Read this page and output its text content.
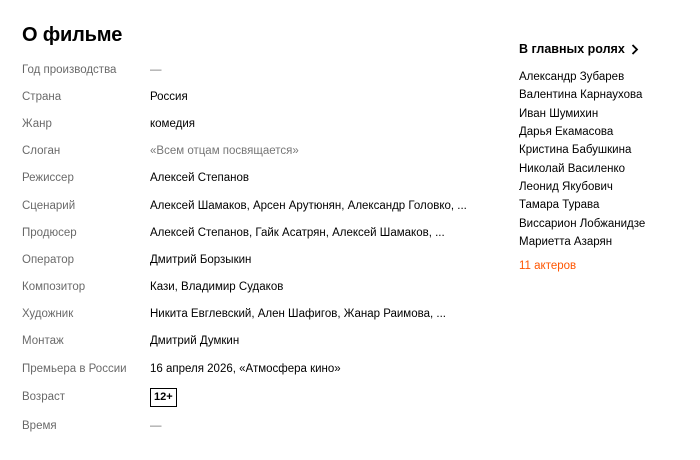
О фильме
Год производства	—
Страна	Россия
Жанр	комедия
Слоган	«Всем отцам посвящается»
Режиссер	Алексей Степанов
Сценарий	Алексей Шамаков, Арсен Арутюнян, Александр Головко, ...
Продюсер	Алексей Степанов, Гайк Асатрян, Алексей Шамаков, ...
Оператор	Дмитрий Борзыкин
Композитор	Кази, Владимир Судаков
Художник	Никита Евглевский, Ален Шафигов, Жанар Раимова, ...
Монтаж	Дмитрий Думкин
Премьера в России	16 апреля 2026, «Атмосфера кино»
Возраст	12+
Время	—
В главных ролях
Александр Зубарев
Валентина Карнаухова
Иван Шумихин
Дарья Екамасова
Кристина Бабушкина
Николай Василенко
Леонид Якубович
Тамара Турава
Виссарион Лобжанидзе
Мариетта Азарян
11 актеров
